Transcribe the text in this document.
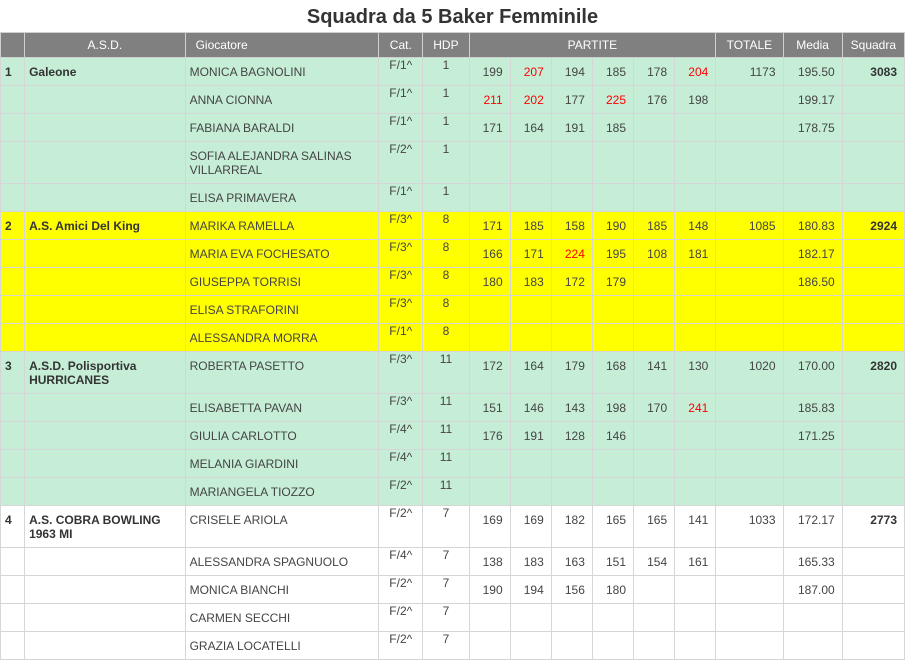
Squadra da 5 Baker Femminile
	A.S.D.	Giocatore	Cat.	HDP	PARTITE						TOTALE	Media	Squadra
1	Galeone	MONICA BAGNOLINI	F/1^	1	199	207	194	185	178	204	1173	195.50	3083
		ANNA CIONNA	F/1^	1	211	202	177	225	176	198		199.17	
		FABIANA BARALDI	F/1^	1	171	164	191	185				178.75	
		SOFIA ALEJANDRA SALINAS VILLARREAL	F/2^	1									
		ELISA PRIMAVERA	F/1^	1									
2	A.S. Amici Del King	MARIKA RAMELLA	F/3^	8	171	185	158	190	185	148	1085	180.83	2924
		MARIA EVA FOCHESATO	F/3^	8	166	171	224	195	108	181		182.17	
		GIUSEPPA TORRISI	F/3^	8	180	183	172	179				186.50	
		ELISA STRAFORINI	F/3^	8									
		ALESSANDRA MORRA	F/1^	8									
3	A.S.D. Polisportiva HURRICANES	ROBERTA PASETTO	F/3^	11	172	164	179	168	141	130	1020	170.00	2820
		ELISABETTA PAVAN	F/3^	11	151	146	143	198	170	241		185.83	
		GIULIA CARLOTTO	F/4^	11	176	191	128	146				171.25	
		MELANIA GIARDINI	F/4^	11									
		MARIANGELA TIOZZO	F/2^	11									
4	A.S. COBRA BOWLING 1963 MI	CRISELE ARIOLA	F/2^	7	169	169	182	165	165	141	1033	172.17	2773
		ALESSANDRA SPAGNUOLO	F/4^	7	138	183	163	151	154	161		165.33	
		MONICA BIANCHI	F/2^	7	190	194	156	180				187.00	
		CARMEN SECCHI	F/2^	7									
		GRAZIA LOCATELLI	F/2^	7									
